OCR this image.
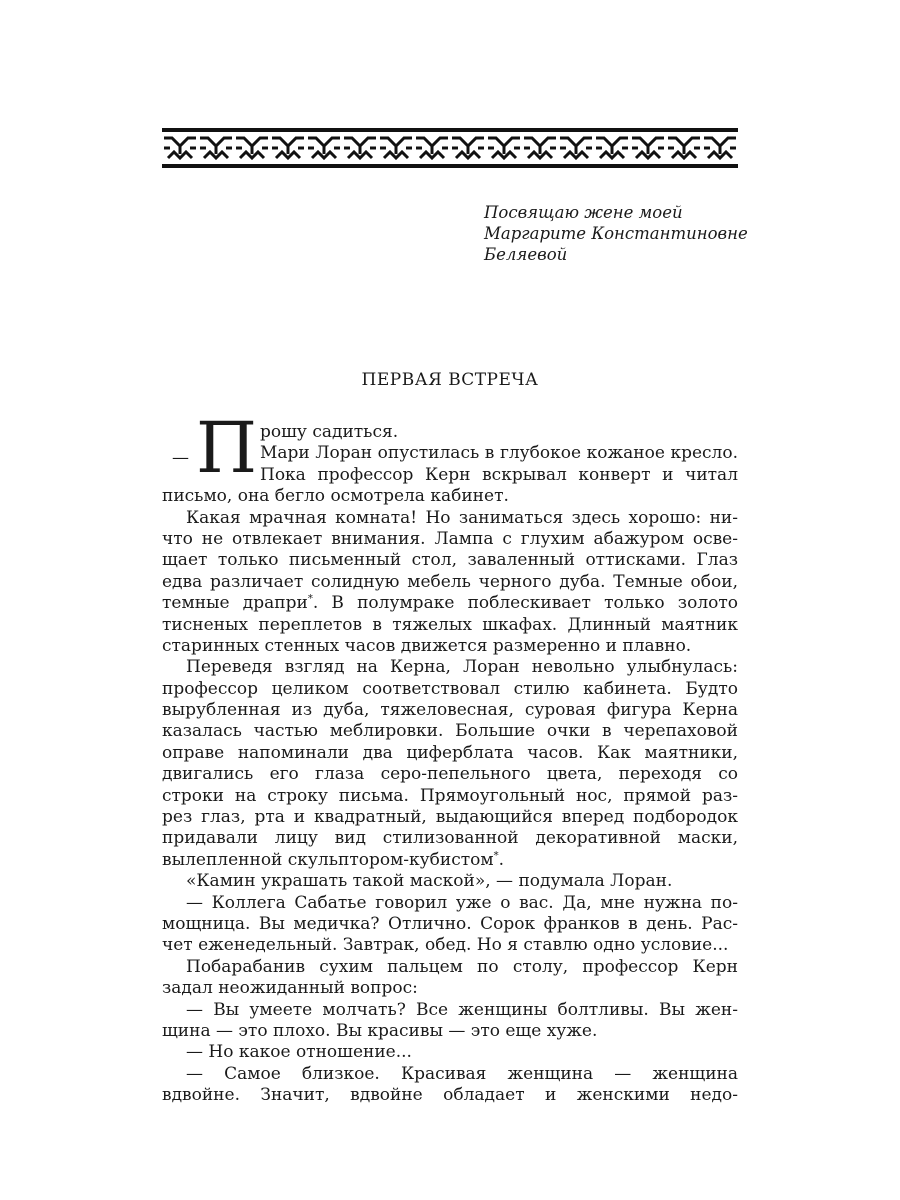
Посвящаю жене моей
Маргарите Константиновне
Беляевой
ПЕРВАЯ ВСТРЕЧА
— П рошу садиться.
Мари Лоран опустилась в глубокое кожаное кресло.
Пока профессор Керн вскрывал конверт и читал
письмо, она бегло осмотрела кабинет.
Какая мрачная комната! Но заниматься здесь хорошо: ни-
что не отвлекает внимания. Лампа с глухим абажуром осве-
щает только письменный стол, заваленный оттисками. Глаз
едва различает солидную мебель черного дуба. Темные обои,
темные драпри*. В полумраке поблескивает только золото
тисненых переплетов в тяжелых шкафах. Длинный маятник
старинных стенных часов движется размеренно и плавно.
Переведя взгляд на Керна, Лоран невольно улыбнулась:
профессор целиком соответствовал стилю кабинета. Будто
вырубленная из дуба, тяжеловесная, суровая фигура Керна
казалась частью меблировки. Большие очки в черепаховой
оправе напоминали два циферблата часов. Как маятники,
двигались его глаза серо-пепельного цвета, переходя со
строки на строку письма. Прямоугольный нос, прямой раз-
рез глаз, рта и квадратный, выдающийся вперед подбородок
придавали лицу вид стилизованной декоративной маски,
вылепленной скульптором-кубистом*.
«Камин украшать такой маской», — подумала Лоран.
— Коллега Сабатье говорил уже о вас. Да, мне нужна по-
мощница. Вы медичка? Отлично. Сорок франков в день. Рас-
чет еженедельный. Завтрак, обед. Но я ставлю одно условие...
Побарабанив сухим пальцем по столу, профессор Керн
задал неожиданный вопрос:
— Вы умеете молчать? Все женщины болтливы. Вы жен-
щина — это плохо. Вы красивы — это еще хуже.
— Но какое отношение...
— Самое близкое. Красивая женщина — женщина
вдвойне. Значит, вдвойне обладает и женскими недо-
